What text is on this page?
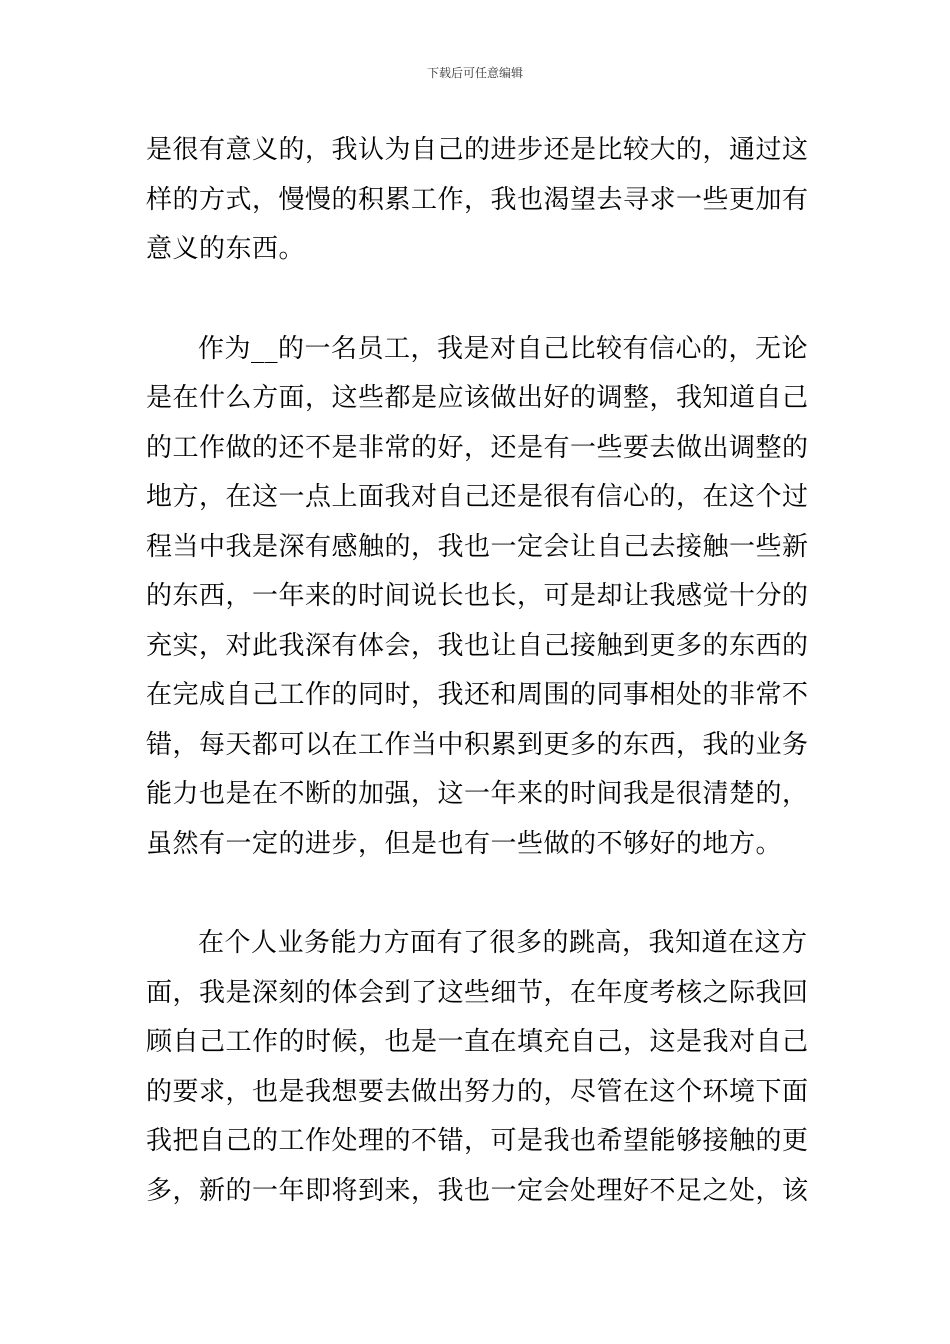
下载后可任意编辑
是很有意义的，我认为自己的进步还是比较大的，通过这
样的方式，慢慢的积累工作，我也渴望去寻求一些更加有
意义的东西。
作为__的一名员工，我是对自己比较有信心的，无论
是在什么方面，这些都是应该做出好的调整，我知道自己
的工作做的还不是非常的好，还是有一些要去做出调整的
地方，在这一点上面我对自己还是很有信心的，在这个过
程当中我是深有感触的，我也一定会让自己去接触一些新
的东西，一年来的时间说长也长，可是却让我感觉十分的
充实，对此我深有体会，我也让自己接触到更多的东西的
在完成自己工作的同时，我还和周围的同事相处的非常不
错，每天都可以在工作当中积累到更多的东西，我的业务
能力也是在不断的加强，这一年来的时间我是很清楚的，
虽然有一定的进步，但是也有一些做的不够好的地方。
在个人业务能力方面有了很多的跳高，我知道在这方
面，我是深刻的体会到了这些细节，在年度考核之际我回
顾自己工作的时候，也是一直在填充自己，这是我对自己
的要求，也是我想要去做出努力的，尽管在这个环境下面
我把自己的工作处理的不错，可是我也希望能够接触的更
多，新的一年即将到来，我也一定会处理好不足之处，该
